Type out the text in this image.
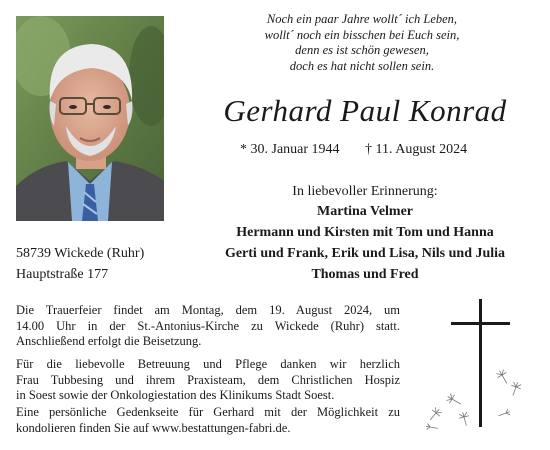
Noch ein paar Jahre wollt´ ich Leben,
wollt´ noch ein bisschen bei Euch sein,
denn es ist schön gewesen,
doch es hat nicht sollen sein.
Gerhard Paul Konrad
* 30. Januar 1944 † 11. August 2024
In liebevoller Erinnerung:
Martina Velmer
Hermann und Kirsten mit Tom und Hanna
Gerti und Frank, Erik und Lisa, Nils und Julia
Thomas und Fred
58739 Wickede (Ruhr)
Hauptstraße 177
Die Trauerfeier findet am Montag, dem 19. August 2024, um
14.00 Uhr in der St.-Antonius-Kirche zu Wickede (Ruhr) statt.
Anschließend erfolgt die Beisetzung.
Für die liebevolle Betreuung und Pflege danken wir herzlich
Frau Tubbesing und ihrem Praxisteam, dem Christlichen Hospiz
in Soest sowie der Onkologiestation des Klinikums Stadt Soest.
Eine persönliche Gedenkseite für Gerhard mit der Möglichkeit zu
kondolieren finden Sie auf www.bestattungen-fabri.de.
